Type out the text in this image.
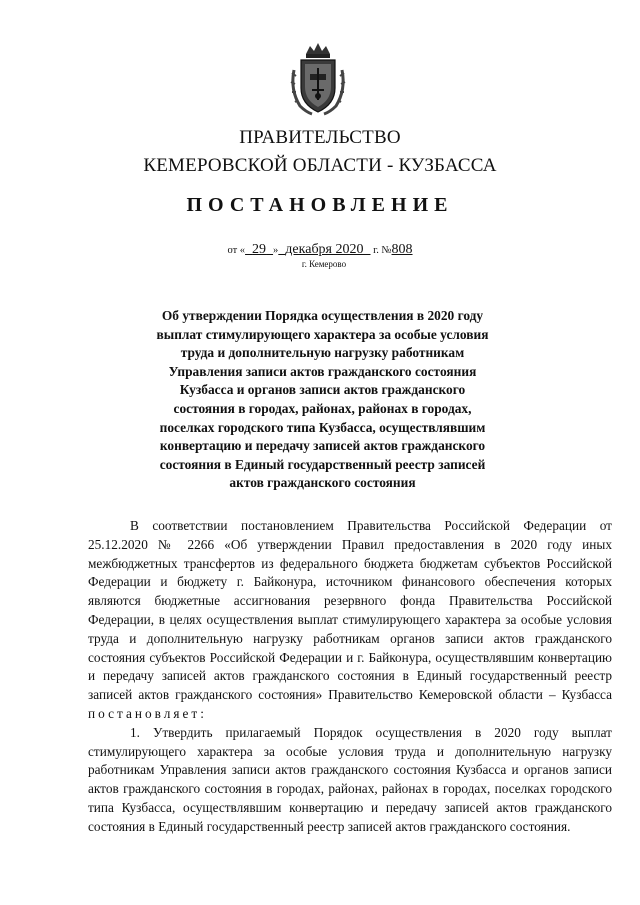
ПРАВИТЕЛЬСТВО
КЕМЕРОВСКОЙ ОБЛАСТИ - КУЗБАССА
ПОСТАНОВЛЕНИЕ
от « 29 » декабря 2020 г. №808
г. Кемерово
Об утверждении Порядка осуществления в 2020 году выплат стимулирующего характера за особые условия труда и дополнительную нагрузку работникам Управления записи актов гражданского состояния Кузбасса и органов записи актов гражданского состояния в городах, районах, районах в городах, поселках городского типа Кузбасса, осуществлявшим конвертацию и передачу записей актов гражданского состояния в Единый государственный реестр записей актов гражданского состояния

В соответствии постановлением Правительства Российской Федерации от 25.12.2020 № 2266 «Об утверждении Правил предоставления в 2020 году иных межбюджетных трансфертов из федерального бюджета бюджетам субъектов Российской Федерации и бюджету г. Байконура, источником финансового обеспечения которых являются бюджетные ассигнования резервного фонда Правительства Российской Федерации, в целях осуществления выплат стимулирующего характера за особые условия труда и дополнительную нагрузку работникам органов записи актов гражданского состояния субъектов Российской Федерации и г. Байконура, осуществлявшим конвертацию и передачу записей актов гражданского состояния в Единый государственный реестр записей актов гражданского состояния» Правительство Кемеровской области – Кузбасса постановляет:

1. Утвердить прилагаемый Порядок осуществления в 2020 году выплат стимулирующего характера за особые условия труда и дополнительную нагрузку работникам Управления записи актов гражданского состояния Кузбасса и органов записи актов гражданского состояния в городах, районах, районах в городах, поселках городского типа Кузбасса, осуществлявшим конвертацию и передачу записей актов гражданского состояния в Единый государственный реестр записей актов гражданского состояния.
